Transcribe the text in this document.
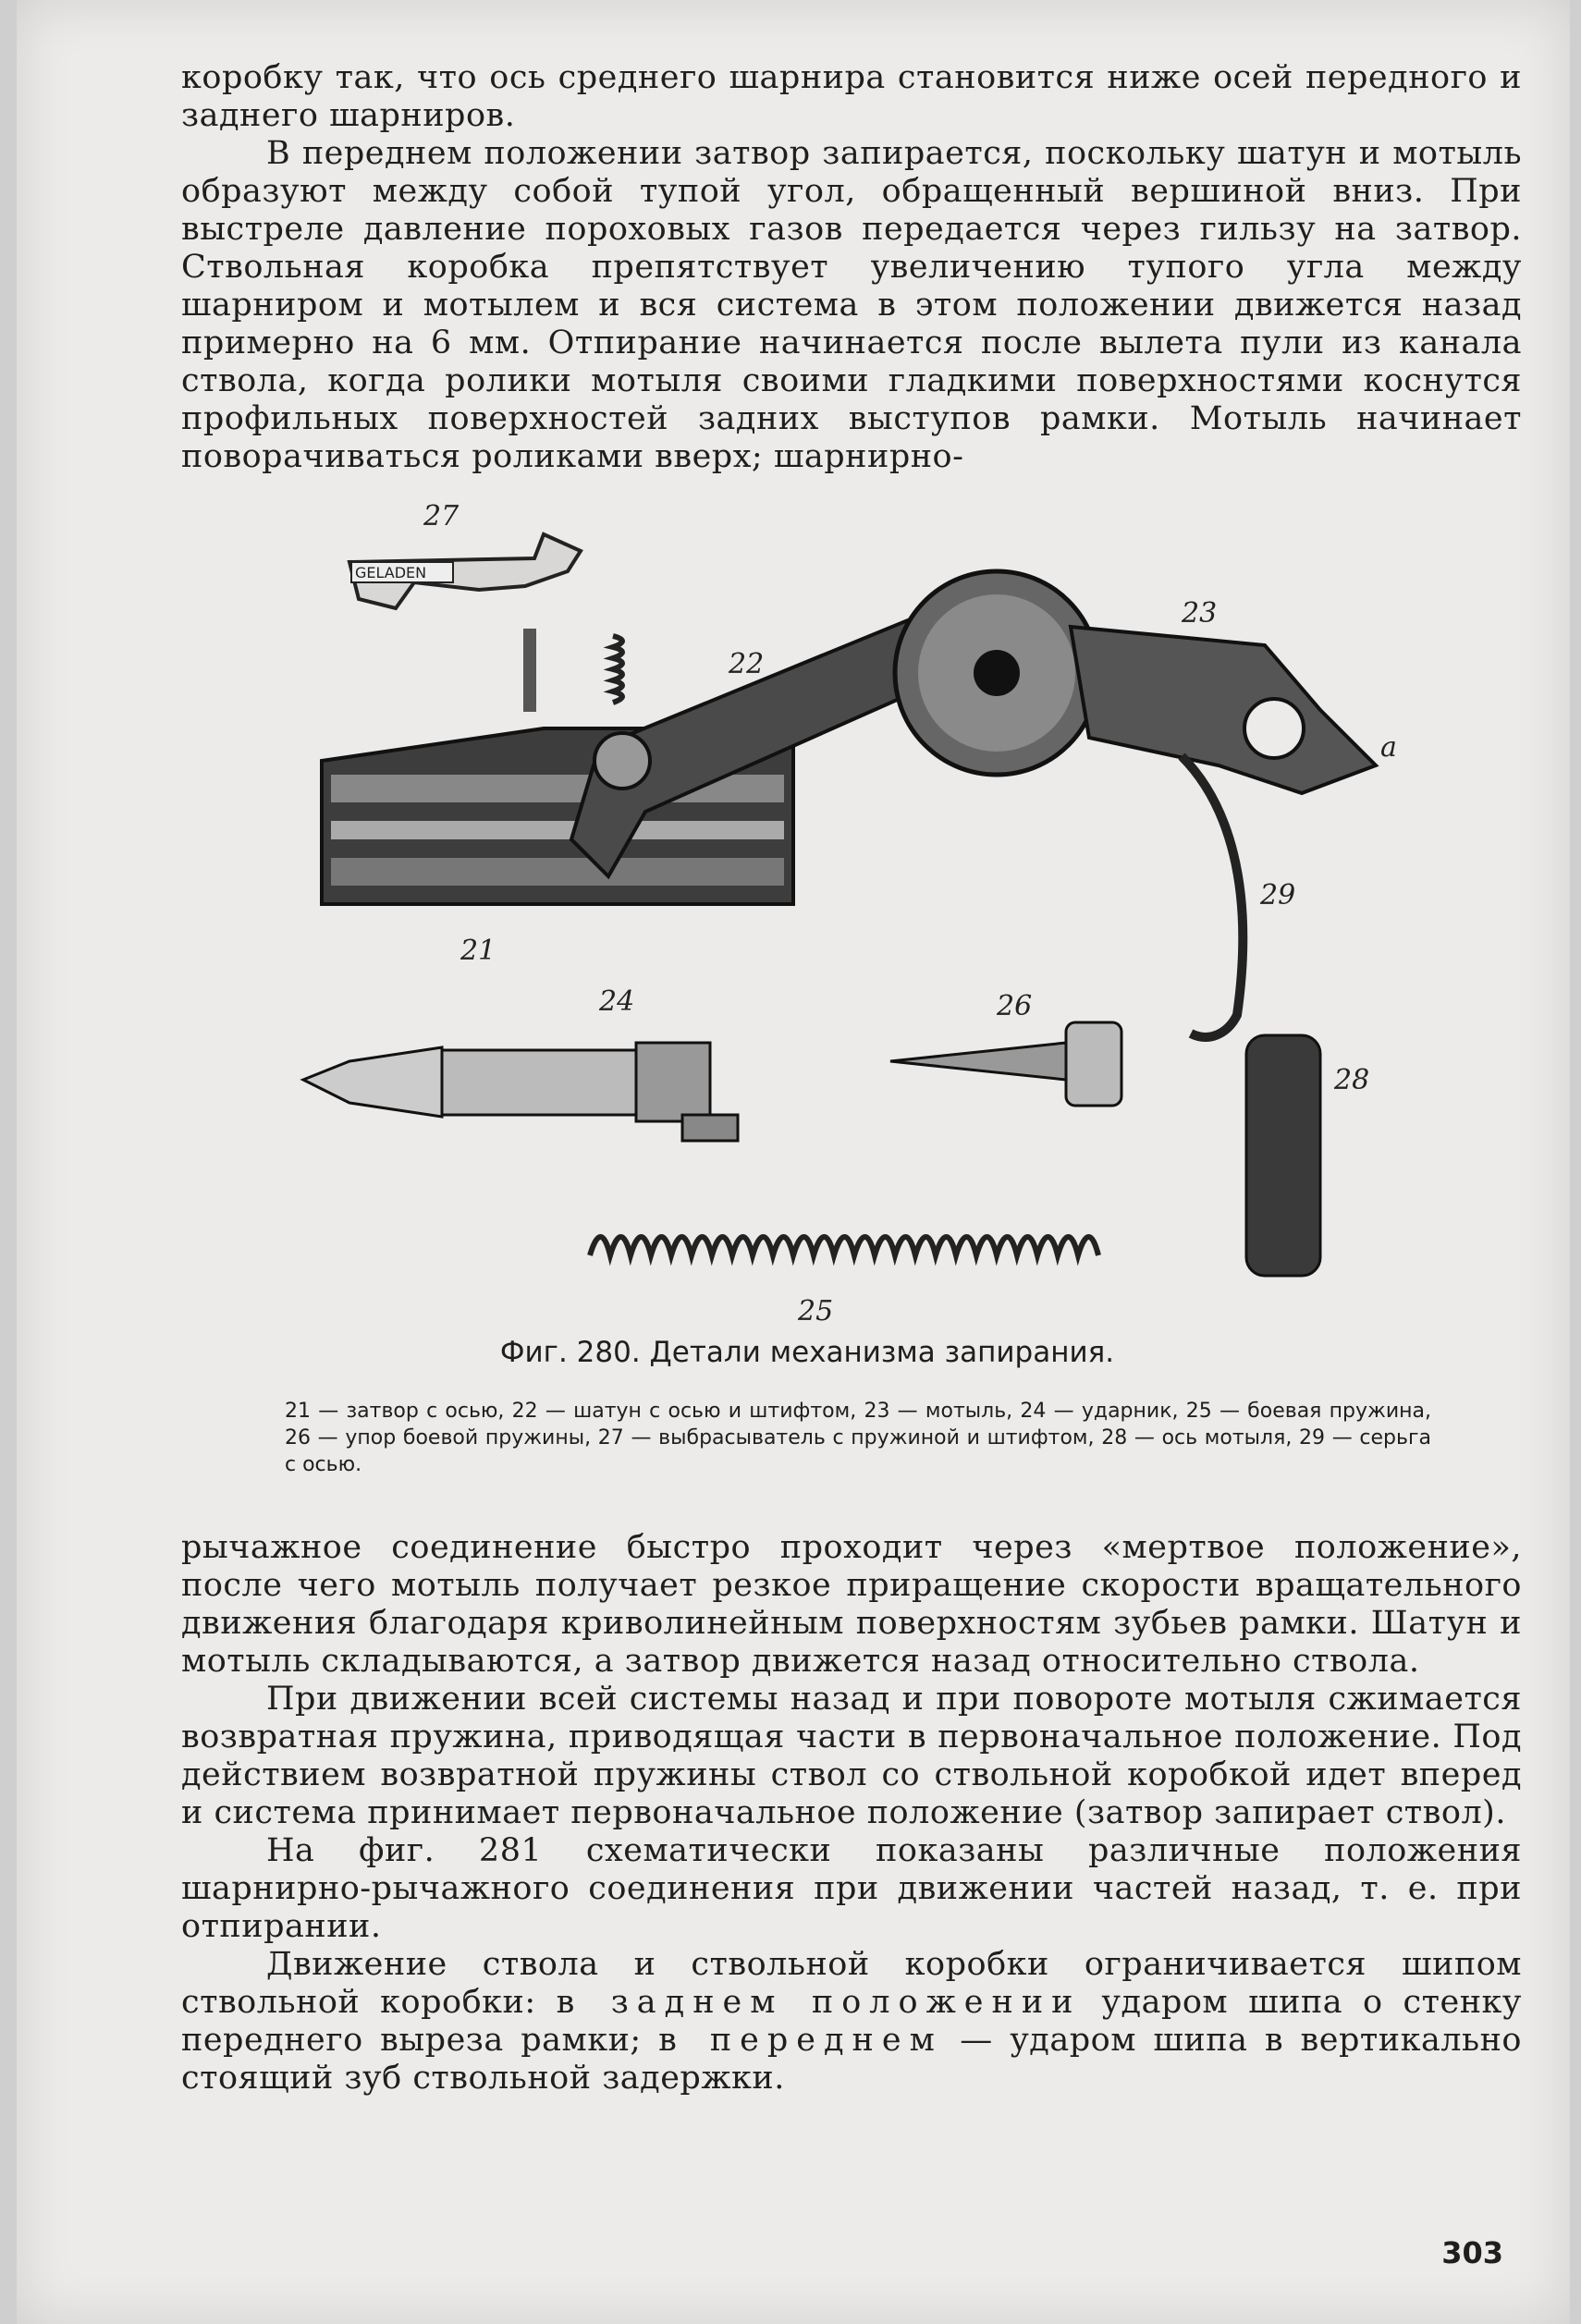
коробку так, что ось среднего шарнира становится ниже осей передного и заднего шарниров.

В переднем положении затвор запирается, поскольку шатун и мотыль образуют между собой тупой угол, обращенный вершиной вниз. При выстреле давление пороховых газов передается через гильзу на затвор. Ствольная коробка препятствует увеличению тупого угла между шарниром и мотылем и вся система в этом положении движется назад примерно на 6 мм. Отпирание начинается после вылета пули из канала ствола, когда ролики мотыля своими гладкими поверхностями коснутся профильных поверхностей задних выступов рамки. Мотыль начинает поворачиваться роликами вверх; шарнирно-

GELADEN
27
21
22
23
a
29
24	26
28
25
Фиг. 280. Детали механизма запирания.
21 — затвор с осью, 22 — шатун с осью и штифтом, 23 — мотыль, 24 — ударник, 25 — боевая пружина, 26 — упор боевой пружины, 27 — выбрасыватель с пружиной и штифтом, 28 — ось мотыля, 29 — серьга с осью.

рычажное соединение быстро проходит через «мертвое положение», после чего мотыль получает резкое приращение скорости вращательного движения благодаря криволинейным поверхностям зубьев рамки. Шатун и мотыль складываются, а затвор движется назад относительно ствола.

При движении всей системы назад и при повороте мотыля сжимается возвратная пружина, приводящая части в первоначальное положение. Под действием возвратной пружины ствол со ствольной коробкой идет вперед и система принимает первоначальное положение (затвор запирает ствол).

На фиг. 281 схематически показаны различные положения шарнирно-рычажного соединения при движении частей назад, т. е. при отпирании.

Движение ствола и ствольной коробки ограничивается шипом ствольной коробки: в заднем положении ударом шипа о стенку переднего выреза рамки; в переднем — ударом шипа в вертикально стоящий зуб ствольной задержки.

303
